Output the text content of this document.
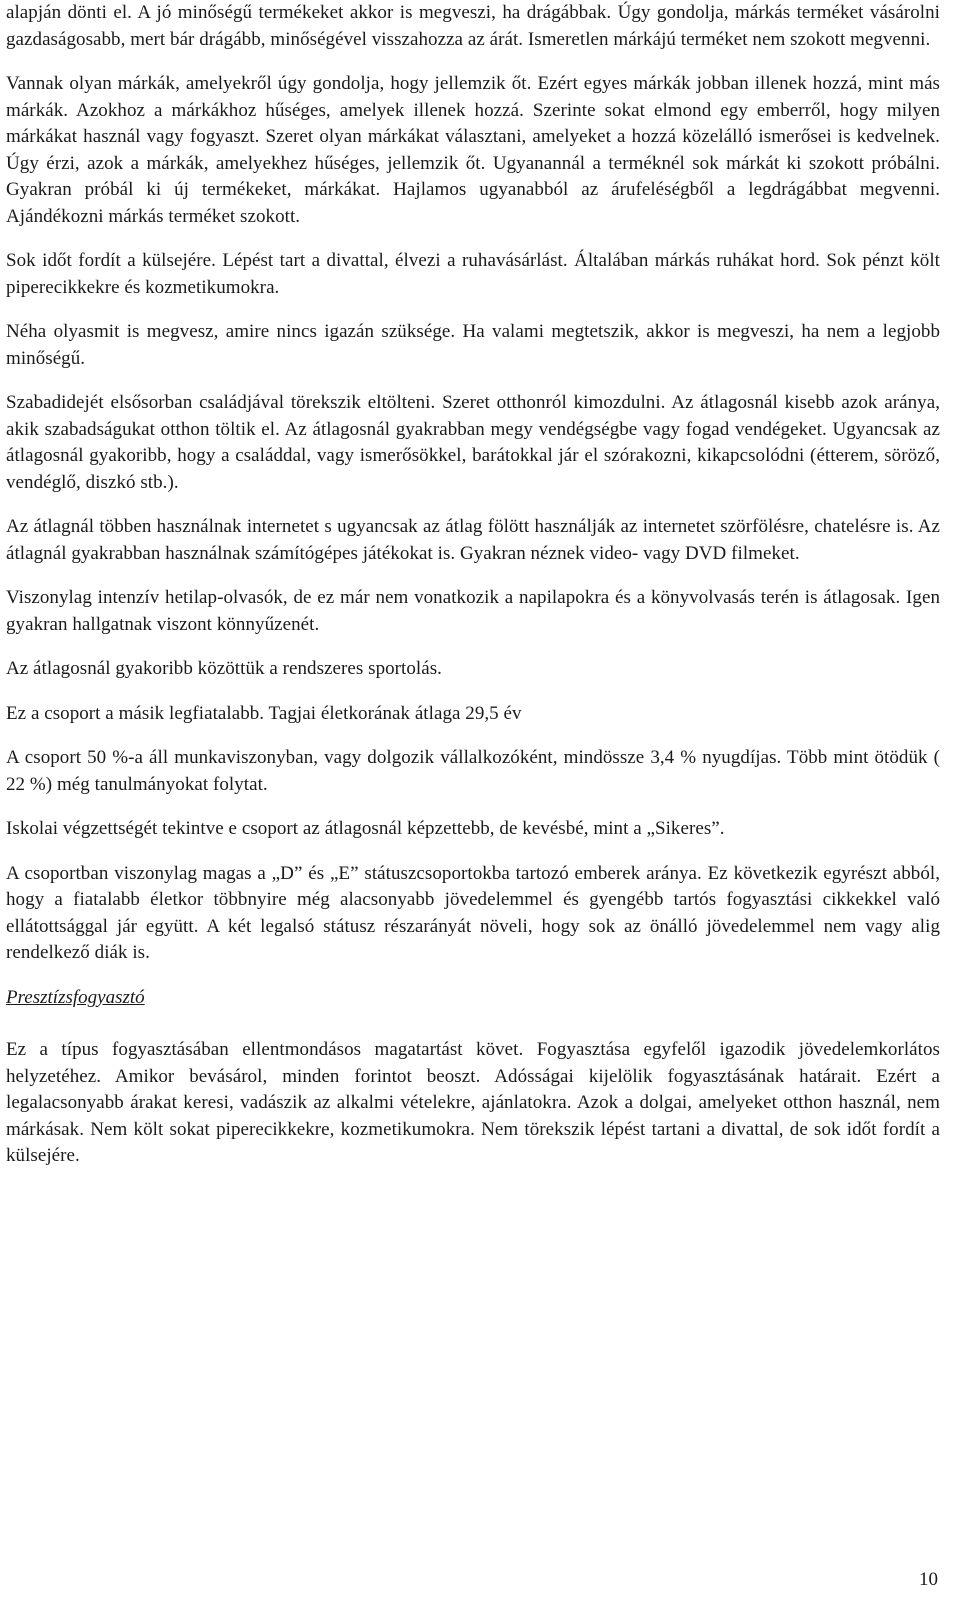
alapján dönti el. A jó minőségű termékeket akkor is megveszi, ha drágábbak. Úgy gondolja, márkás terméket vásárolni gazdaságosabb, mert bár drágább, minőségével visszahozza az árát. Ismeretlen márkájú terméket nem szokott megvenni.

Vannak olyan márkák, amelyekről úgy gondolja, hogy jellemzik őt. Ezért egyes márkák jobban illenek hozzá, mint más márkák. Azokhoz a márkákhoz hűséges, amelyek illenek hozzá. Szerinte sokat elmond egy emberről, hogy milyen márkákat használ vagy fogyaszt. Szeret olyan márkákat választani, amelyeket a hozzá közelálló ismerősei is kedvelnek. Úgy érzi, azok a márkák, amelyekhez hűséges, jellemzik őt. Ugyanannál a terméknél sok márkát ki szokott próbálni. Gyakran próbál ki új termékeket, márkákat. Hajlamos ugyanabból az árufeléségből a legdrágábbat megvenni. Ajándékozni márkás terméket szokott.

Sok időt fordít a külsejére. Lépést tart a divattal, élvezi a ruhavásárlást. Általában márkás ruhákat hord. Sok pénzt költ piperecikkekre és kozmetikumokra.

Néha olyasmit is megvesz, amire nincs igazán szüksége. Ha valami megtetszik, akkor is megveszi, ha nem a legjobb minőségű.

Szabadidejét elsősorban családjával törekszik eltölteni. Szeret otthonról kimozdulni. Az átlagosnál kisebb azok aránya, akik szabadságukat otthon töltik el. Az átlagosnál gyakrabban megy vendégségbe vagy fogad vendégeket. Ugyancsak az átlagosnál gyakoribb, hogy a családdal, vagy ismerősökkel, barátokkal jár el szórakozni, kikapcsolódni (étterem, söröző, vendéglő, diszkó stb.).

Az átlagnál többen használnak internetet s ugyancsak az átlag fölött használják az internetet szörfölésre, chatelésre is. Az átlagnál gyakrabban használnak számítógépes játékokat is. Gyakran néznek video- vagy DVD filmeket.

Viszonylag intenzív hetilap-olvasók, de ez már nem vonatkozik a napilapokra és a könyvolvasás terén is átlagosak. Igen gyakran hallgatnak viszont könnyűzenét.

Az átlagosnál gyakoribb közöttük a rendszeres sportolás.

Ez a csoport a másik legfiatalabb. Tagjai életkorának átlaga 29,5 év

A csoport 50 %-a áll munkaviszonyban, vagy dolgozik vállalkozóként, mindössze 3,4 % nyugdíjas. Több mint ötödük ( 22 %) még tanulmányokat folytat.

Iskolai végzettségét tekintve e csoport az átlagosnál képzettebb, de kevésbé, mint a „Sikeres”.

A csoportban viszonylag magas a „D” és „E” státuszcsoportokba tartozó emberek aránya. Ez következik egyrészt abból, hogy a fiatalabb életkor többnyire még alacsonyabb jövedelemmel és gyengébb tartós fogyasztási cikkekkel való ellátottsággal jár együtt. A két legalsó státusz részarányát növeli, hogy sok az önálló jövedelemmel nem vagy alig rendelkező diák is.

Presztízsfogyasztó

Ez a típus fogyasztásában ellentmondásos magatartást követ. Fogyasztása egyfelől igazodik jövedelemkorlátos helyzetéhez. Amikor bevásárol, minden forintot beoszt. Adósságai kijelölik fogyasztásának határait. Ezért a legalacsonyabb árakat keresi, vadászik az alkalmi vételekre, ajánlatokra. Azok a dolgai, amelyeket otthon használ, nem márkásak. Nem költ sokat piperecikkekre, kozmetikumokra. Nem törekszik lépést tartani a divattal, de sok időt fordít a külsejére.

10
